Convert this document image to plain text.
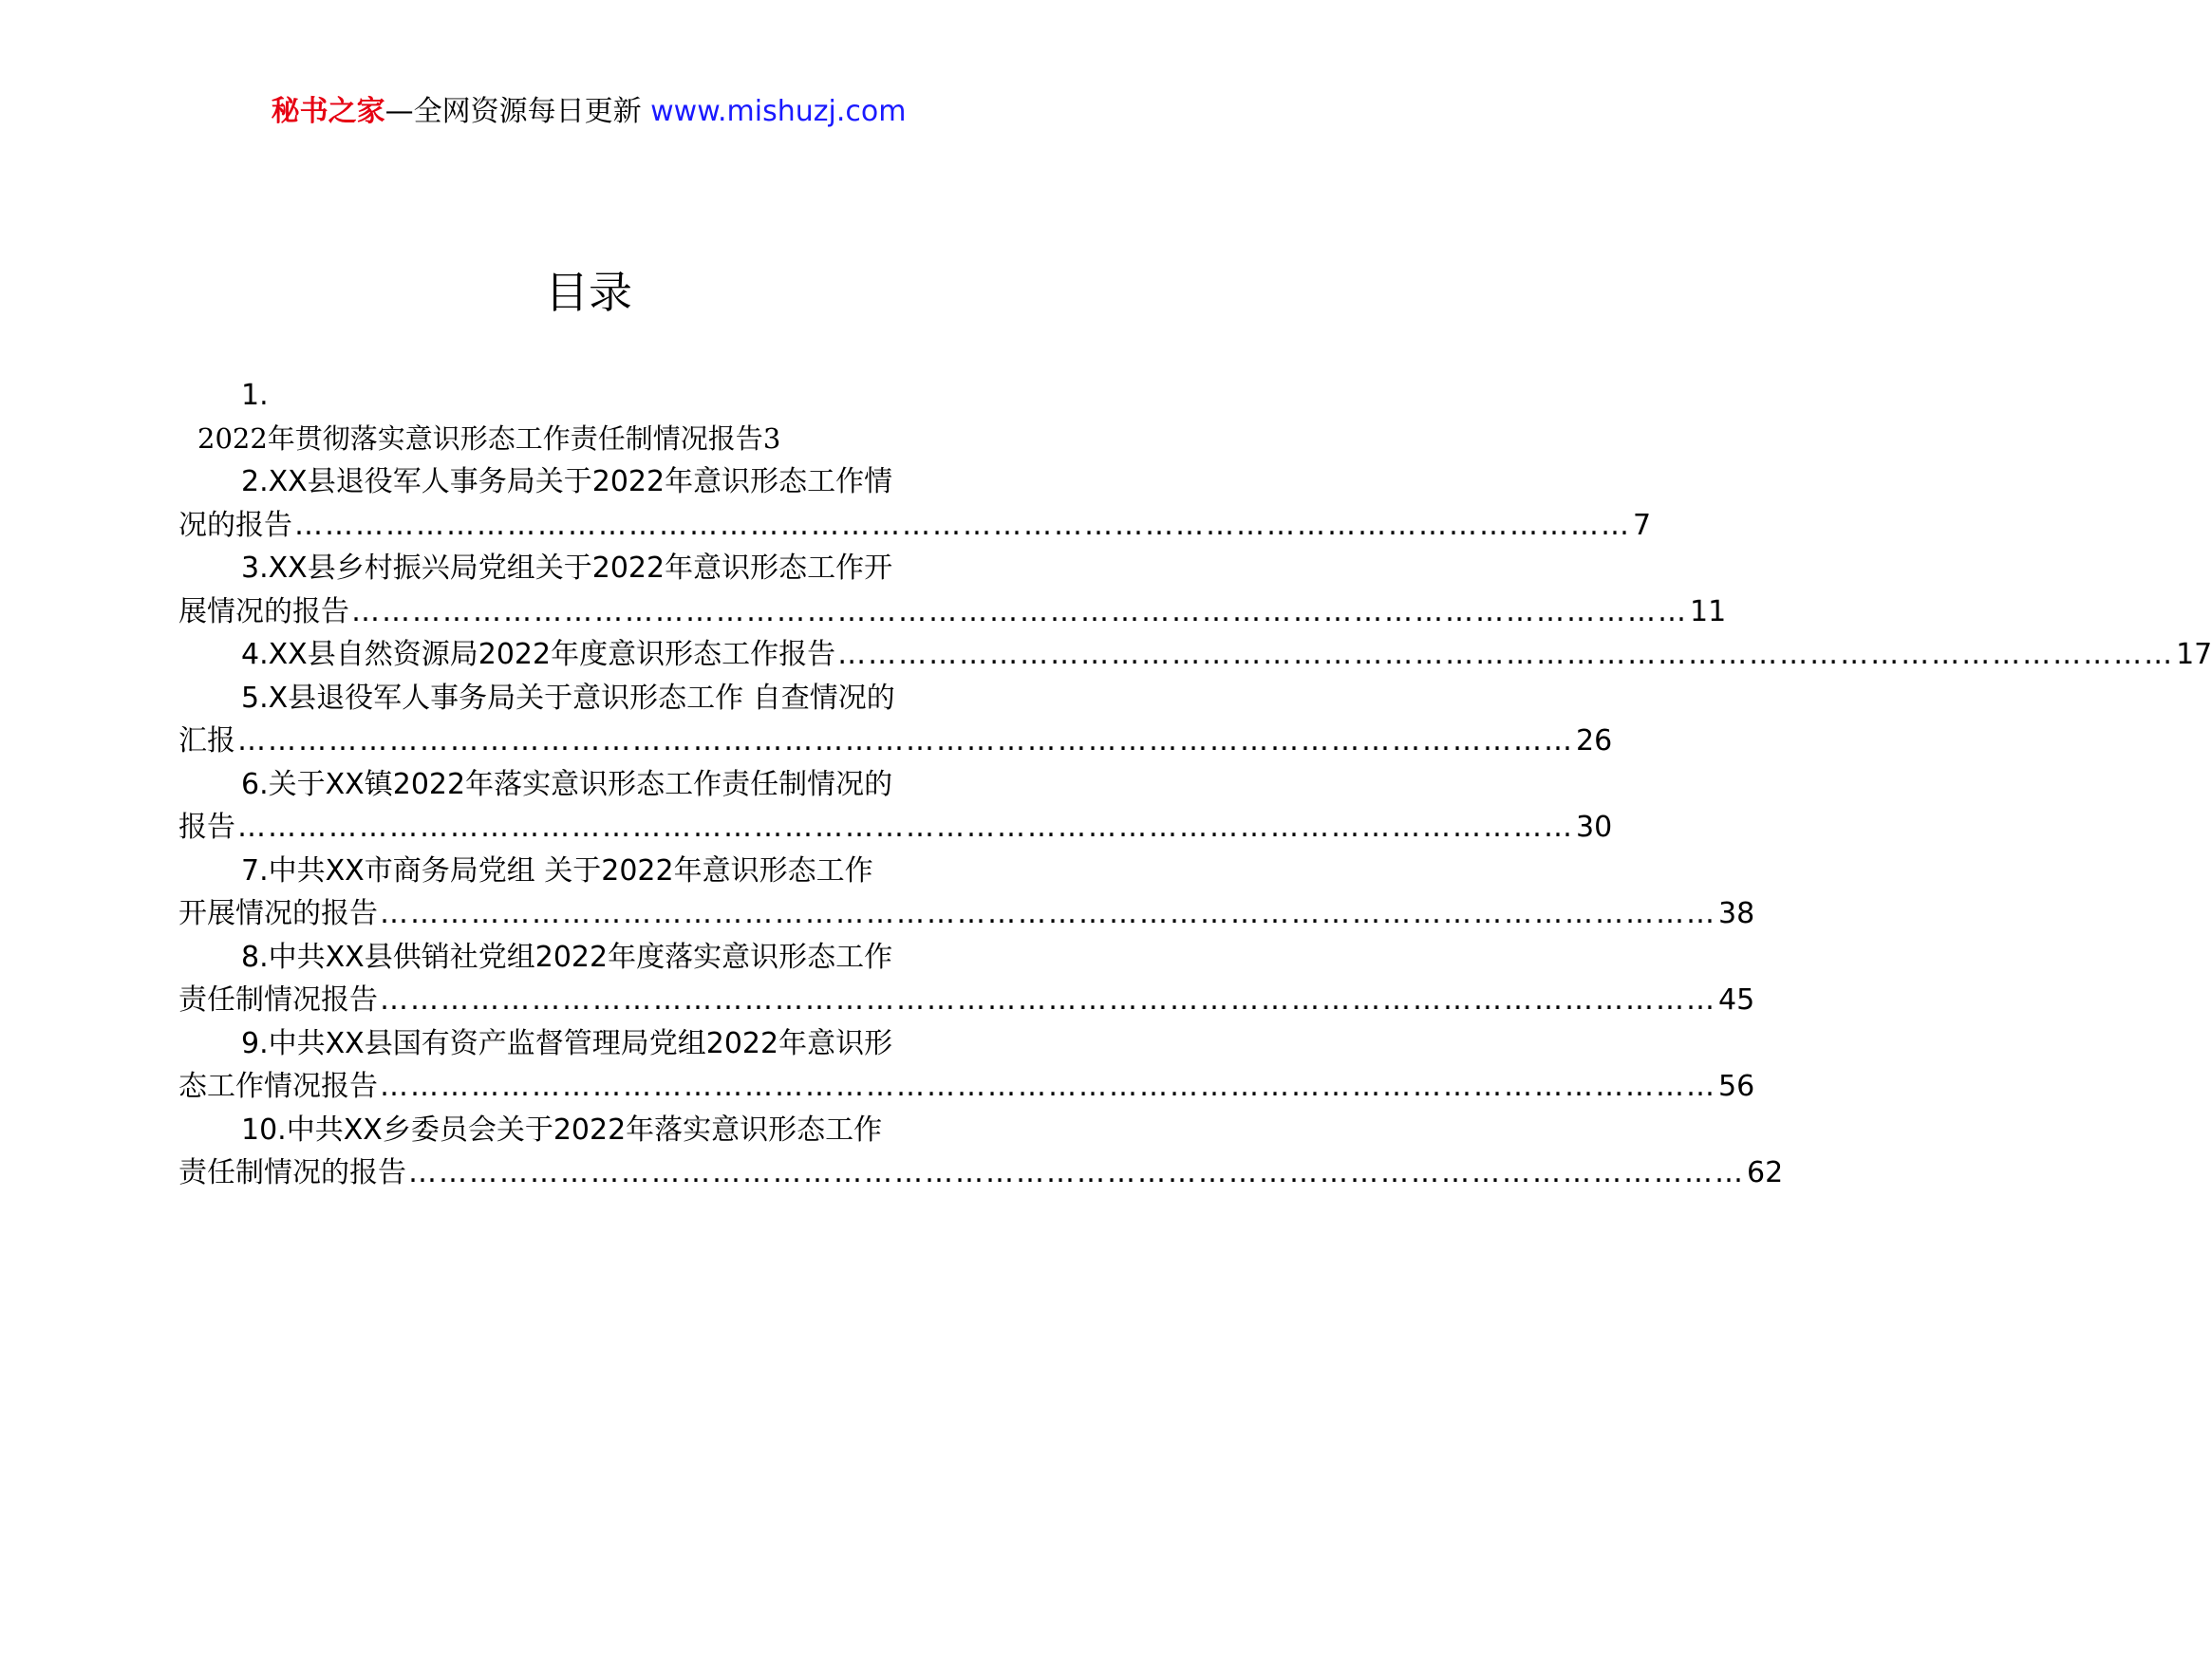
秘书之家—全网资源每日更新 www.mishuzj.com
目录
1.
2022年贯彻落实意识形态工作责任制情况报告3
2.XX县退役军人事务局关于2022年意识形态工作情
况的报告 …………………………………………………………………………………………………………………… 7
3.XX县乡村振兴局党组关于2022年意识形态工作开
展情况的报告 …………………………………………………………………………………………………………………… 11
4.XX县自然资源局2022年度意识形态工作报告 …………………………………………………………………………………………………………………… 17
5.X县退役军人事务局关于意识形态工作 自查情况的
汇报 …………………………………………………………………………………………………………………… 26
6.关于XX镇2022年落实意识形态工作责任制情况的
报告 …………………………………………………………………………………………………………………… 30
7.中共XX市商务局党组 关于2022年意识形态工作
开展情况的报告 …………………………………………………………………………………………………………………… 38
8.中共XX县供销社党组2022年度落实意识形态工作
责任制情况报告 …………………………………………………………………………………………………………………… 45
9.中共XX县国有资产监督管理局党组2022年意识形
态工作情况报告 …………………………………………………………………………………………………………………… 56
10.中共XX乡委员会关于2022年落实意识形态工作
责任制情况的报告 …………………………………………………………………………………………………………………… 62
